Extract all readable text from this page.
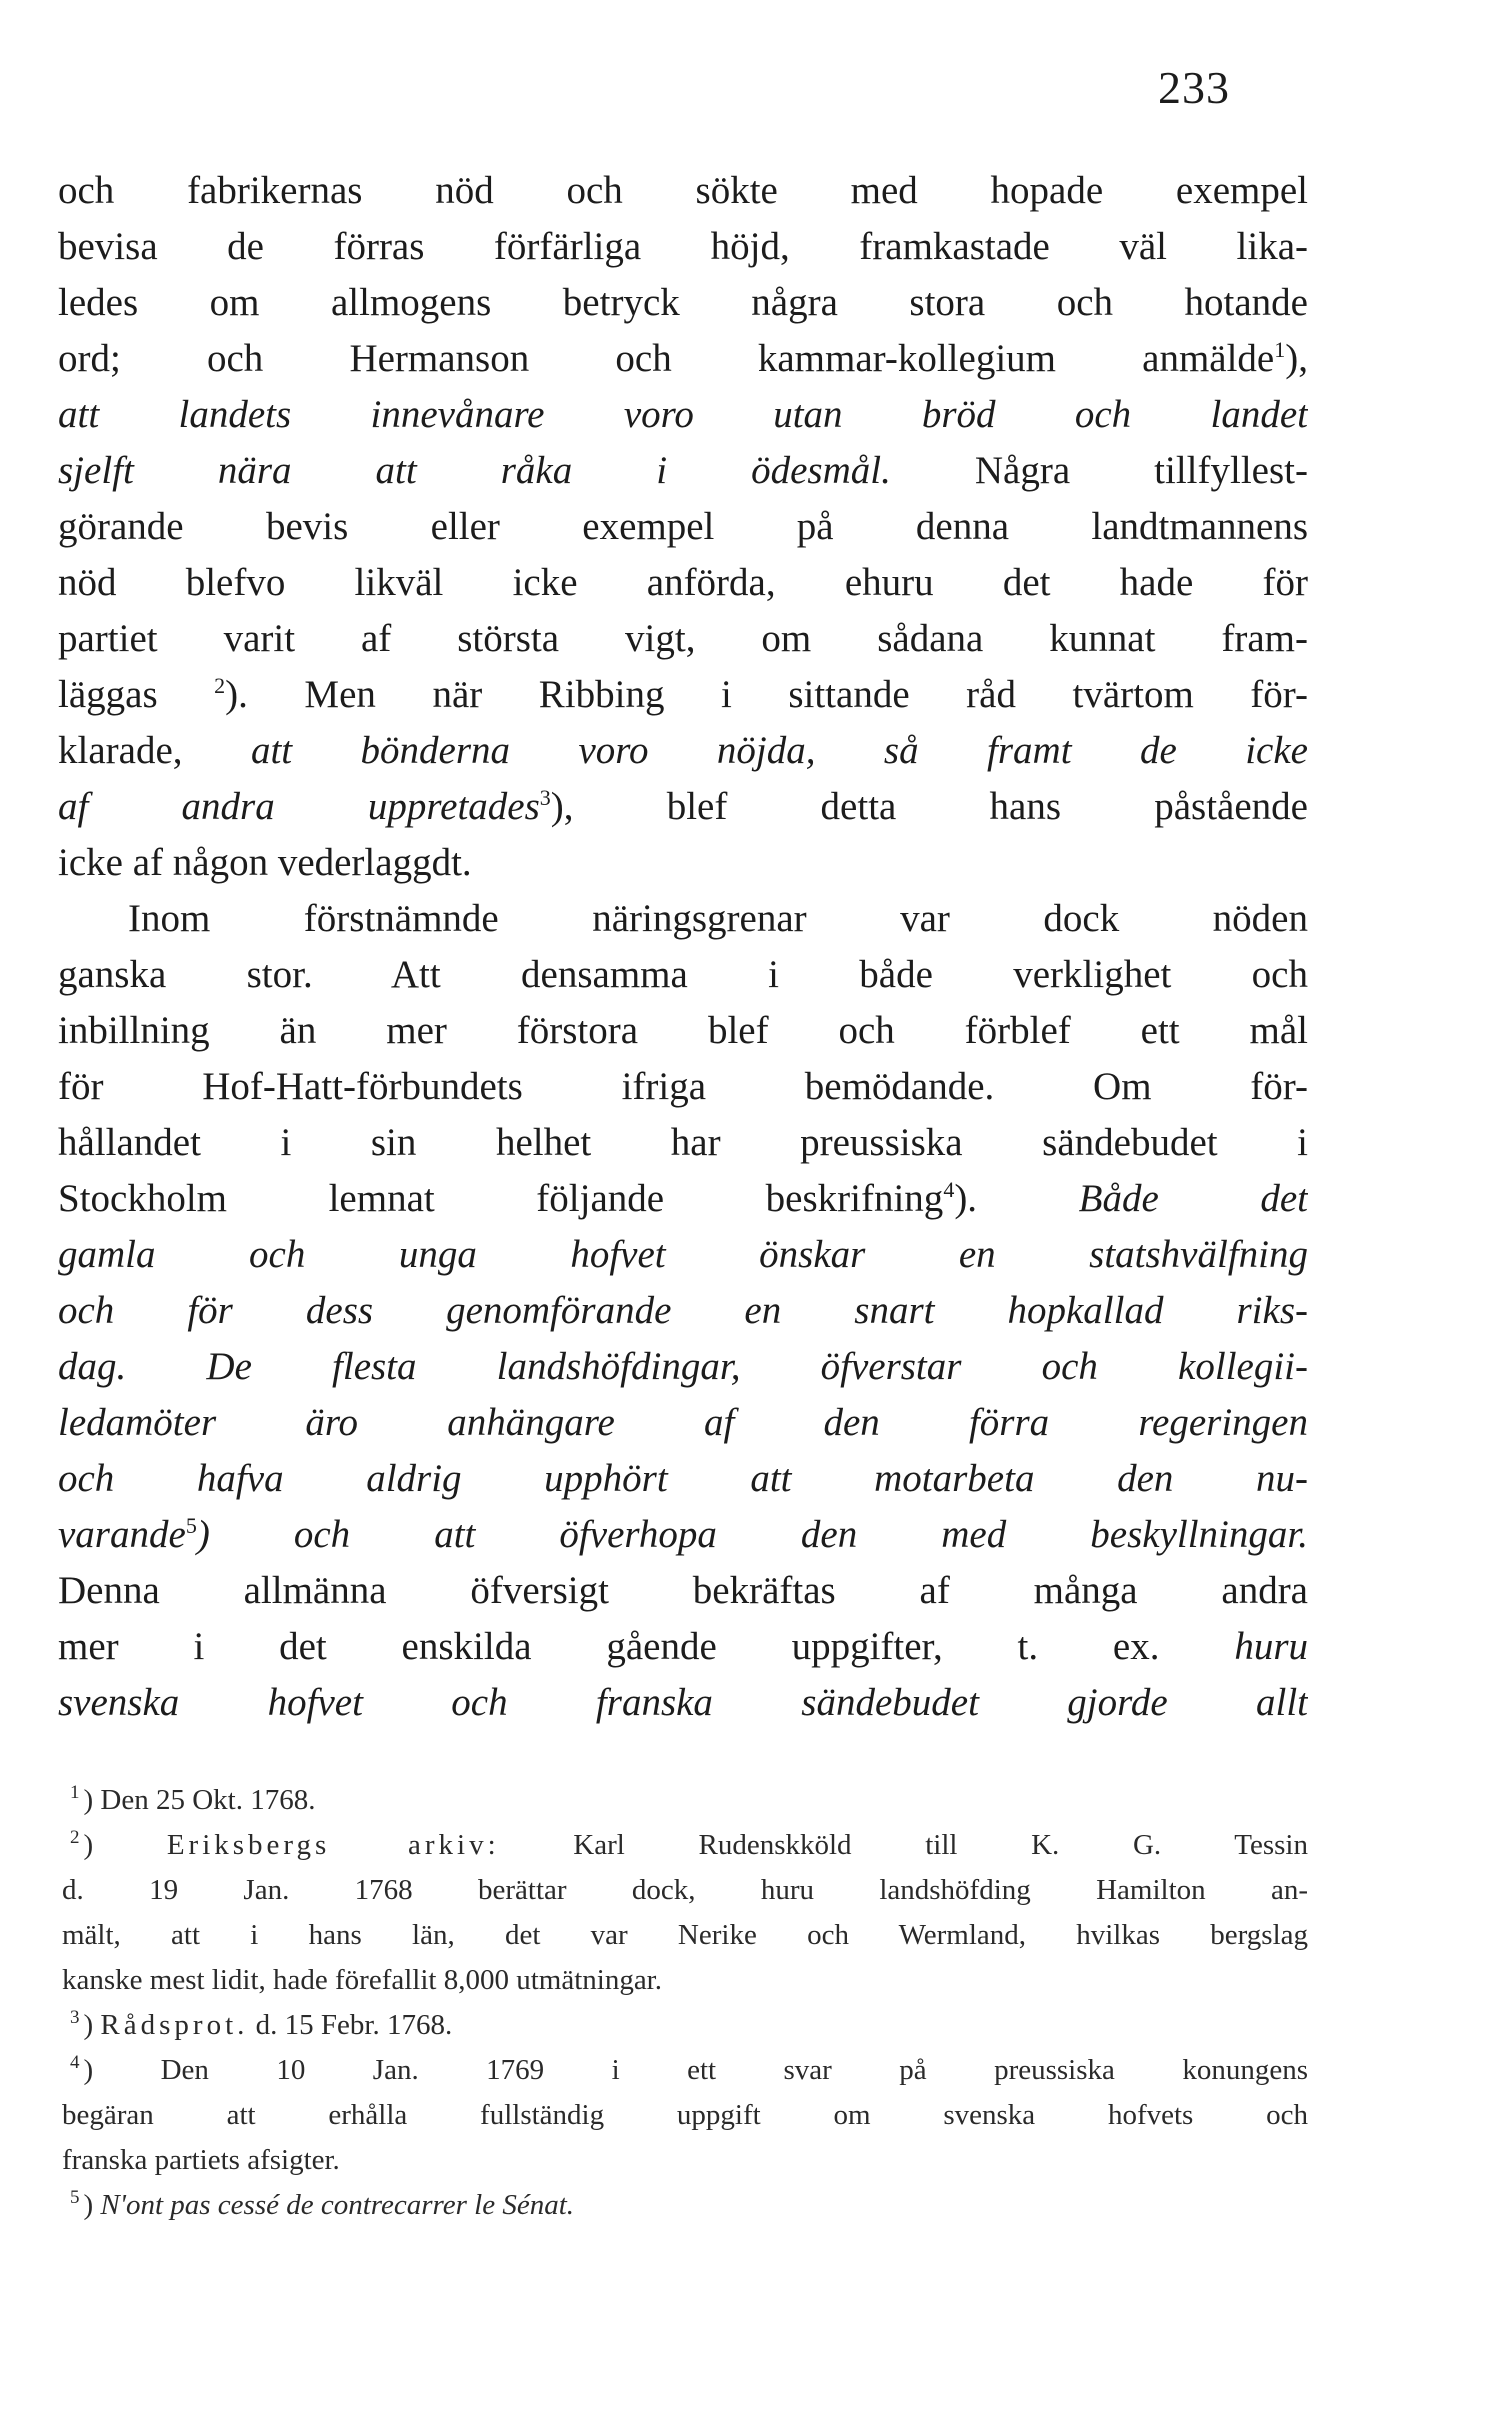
233
och fabrikernas nöd och sökte med hopade exempel
bevisa de förras förfärliga höjd, framkastade väl lika-
ledes om allmogens betryck några stora och hotande
ord; och Hermanson och kammar-kollegium anmälde$^1$),
att landets innevånare voro utan bröd och landet
sjelft nära att råka i ödesmål. Några tillfyllest-
görande bevis eller exempel på denna landtmannens
nöd blefvo likväl icke anförda, ehuru det hade för
partiet varit af största vigt, om sådana kunnat fram-
läggas $^2$). Men när Ribbing i sittande råd tvärtom för-
klarade, att bönderna voro nöjda, så framt de icke
af andra uppretades$^3$), blef detta hans påstående
icke af någon vederlaggdt.
Inom förstnämnde näringsgrenar var dock nöden
ganska stor. Att densamma i både verklighet och
inbillning än mer förstora blef och förblef ett mål
för Hof-Hatt-förbundets ifriga bemödande. Om för-
hållandet i sin helhet har preussiska sändebudet i
Stockholm lemnat följande beskrifning$^4$). Både det
gamla och unga hofvet önskar en statshvälfning
och för dess genomförande en snart hopkallad riks-
dag. De flesta landshöfdingar, öfverstar och kollegii-
ledamöter äro anhängare af den förra regeringen
och hafva aldrig upphört att motarbeta den nu-
varande$^5$) och att öfverhopa den med beskyllningar.
Denna allmänna öfversigt bekräftas af många andra
mer i det enskilda gående uppgifter, t. ex. huru
svenska hofvet och franska sändebudet gjorde allt
$^1$ ) Den 25 Okt. 1768.
$^2$ ) Eriksbergs arkiv: Karl Rudenskköld till K. G. Tessin
d. 19 Jan. 1768 berättar dock, huru landshöfding Hamilton an-
mält, att i hans län, det var Nerike och Wermland, hvilkas bergslag
kanske mest lidit, hade förefallit 8,000 utmätningar.
$^3$ ) Rådsprot. d. 15 Febr. 1768.
$^4$ ) Den 10 Jan. 1769 i ett svar på preussiska konungens
begäran att erhålla fullständig uppgift om svenska hofvets och
franska partiets afsigter.
$^5$ ) N'ont pas cessé de contrecarrer le Sénat.
